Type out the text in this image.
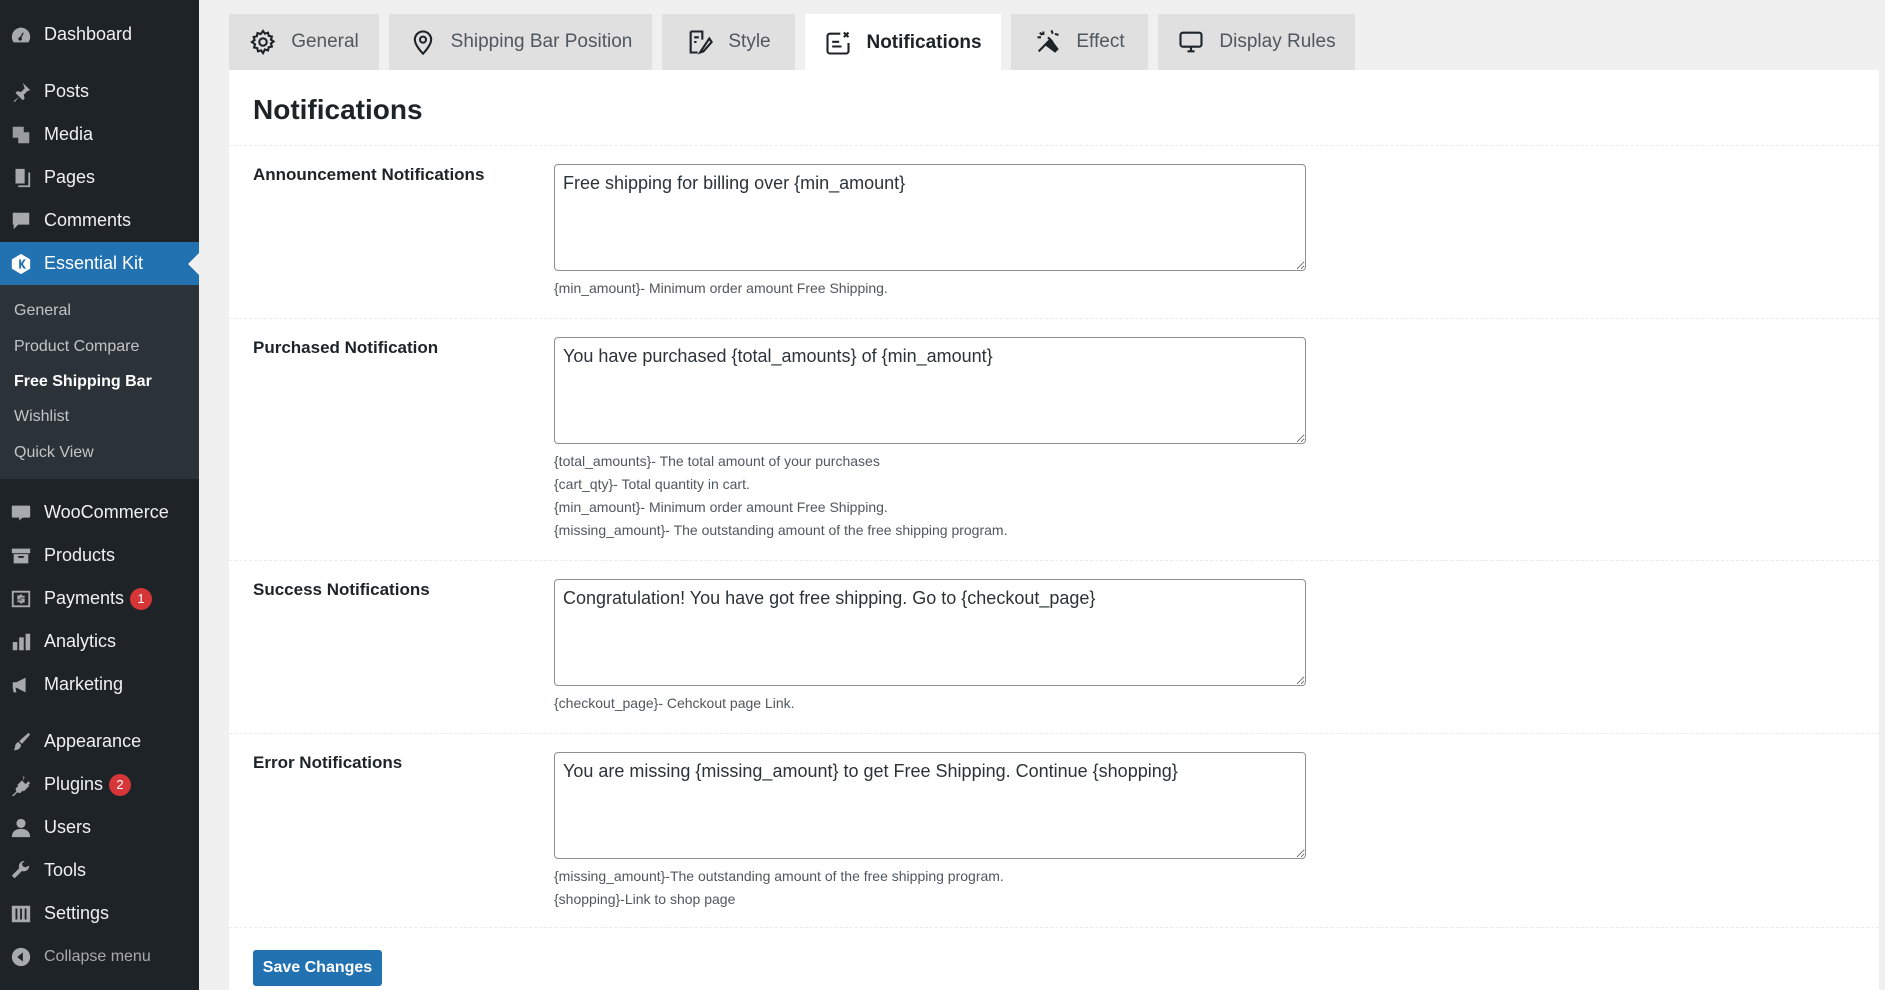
Dashboard
Posts
Media
Pages
Comments
Essential Kit
General
Product Compare
Free Shipping Bar
Wishlist
Quick View
WooCommerce
Products
Payments	1
Analytics
Marketing
Appearance
Plugins	2
Users
Tools
Settings
Collapse menu
General	Shipping Bar Position	Style	Notifications	Effect	Display Rules
Notifications
Announcement Notifications
Free shipping for billing over {min_amount}
{min_amount}- Minimum order amount Free Shipping.
Purchased Notification
You have purchased {total_amounts} of {min_amount}
{total_amounts}- The total amount of your purchases
{cart_qty}- Total quantity in cart.
{min_amount}- Minimum order amount Free Shipping.
{missing_amount}- The outstanding amount of the free shipping program.
Success Notifications
Congratulation! You have got free shipping. Go to {checkout_page}
{checkout_page}- Cehckout page Link.
Error Notifications
You are missing {missing_amount} to get Free Shipping. Continue {shopping}
{missing_amount}-The outstanding amount of the free shipping program.
{shopping}-Link to shop page
Save Changes
